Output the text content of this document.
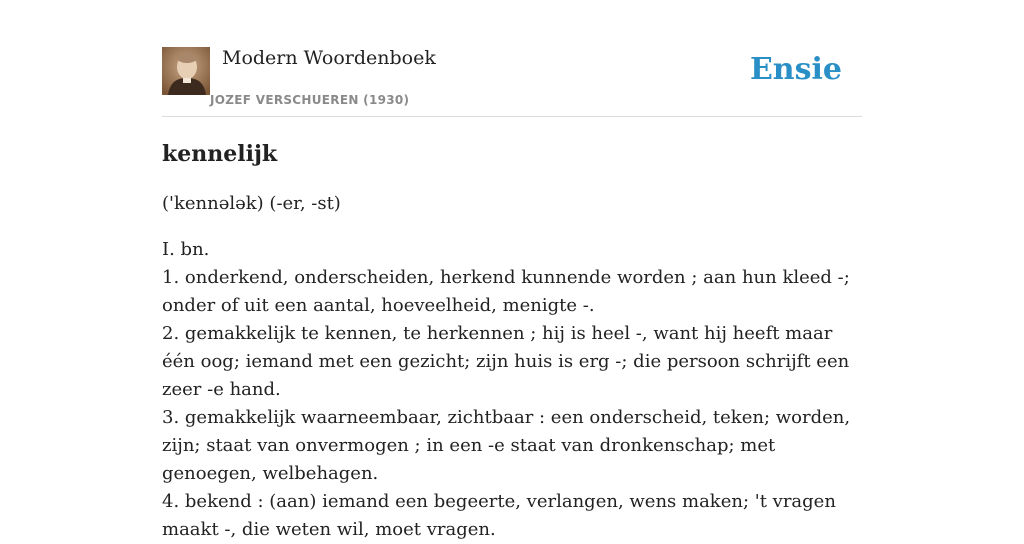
Modern Woordenboek
JOZEF VERSCHUEREN (1930)
Ensie
kennelijk
('kennələk) (-er, -st)
I. bn.
1. onderkend, onderscheiden, herkend kunnende worden ; aan hun kleed -; onder of uit een aantal, hoeveelheid, menigte -.
2. gemakkelijk te kennen, te herkennen ; hij is heel -, want hij heeft maar één oog; iemand met een gezicht; zijn huis is erg -; die persoon schrijft een zeer -e hand.
3. gemakkelijk waarneembaar, zichtbaar : een onderscheid, teken; worden, zijn; staat van onvermogen ; in een -e staat van dronkenschap; met genoegen, welbehagen.
4. bekend : (aan) iemand een begeerte, verlangen, wens maken; 't vragen maakt -, die weten wil, moet vragen.
